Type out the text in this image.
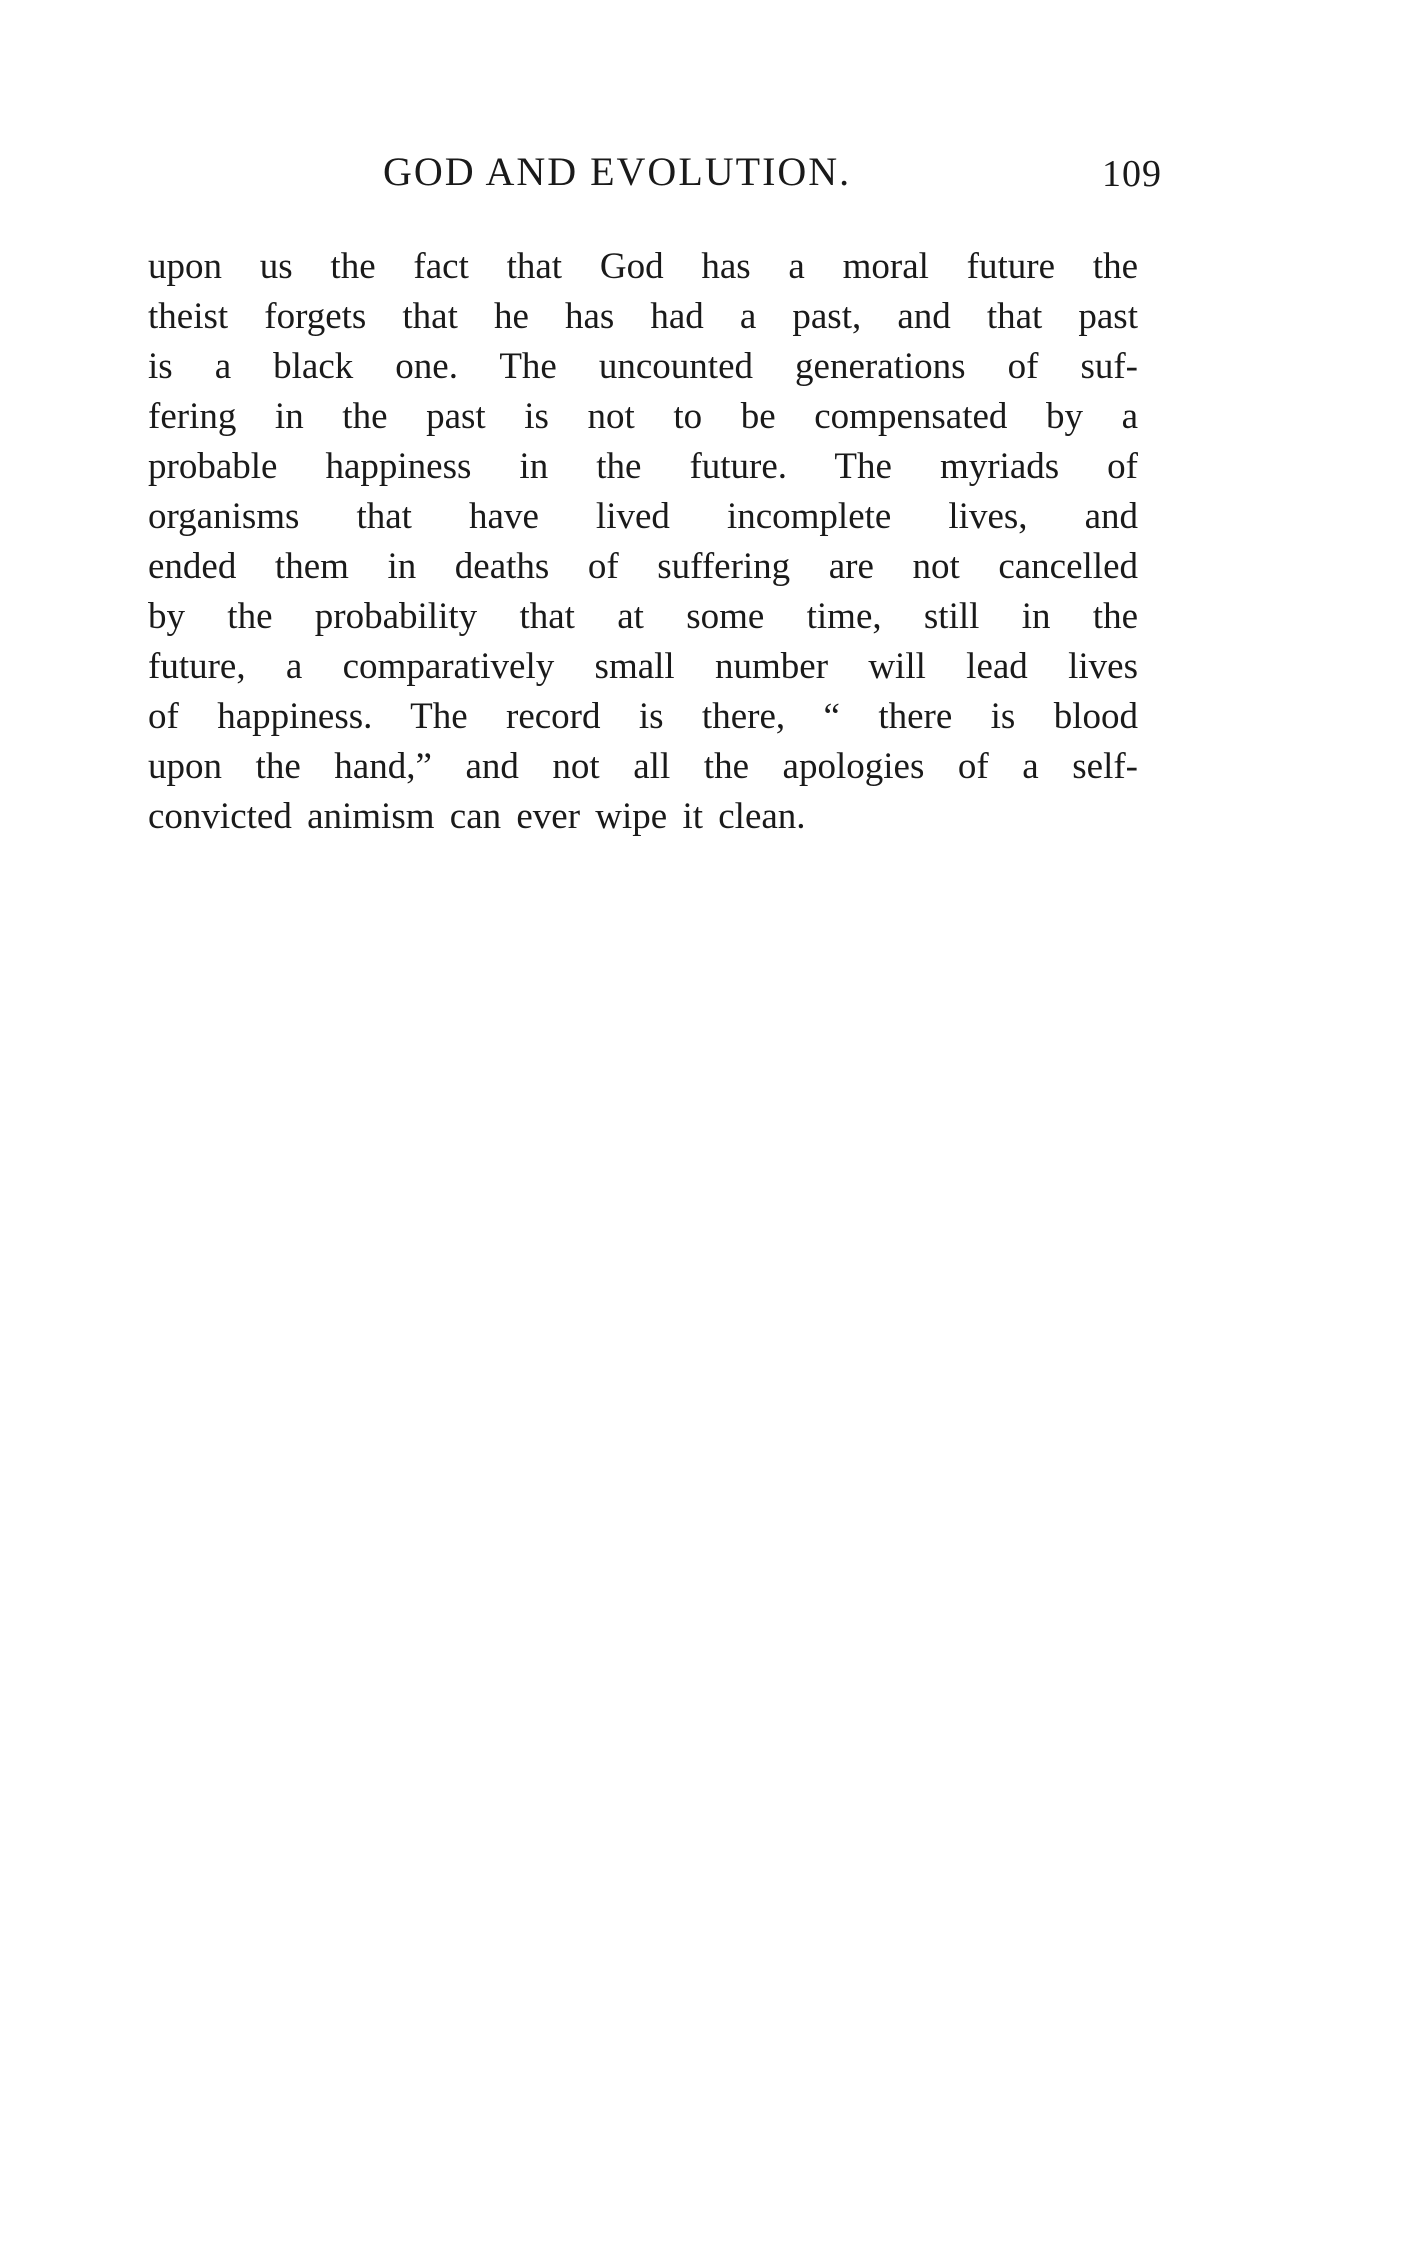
GOD AND EVOLUTION.	109
upon us the fact that God has a moral future the
theist forgets that he has had a past, and that past
is a black one. The uncounted generations of suf-
fering in the past is not to be compensated by a
probable happiness in the future. The myriads of
organisms that have lived incomplete lives, and
ended them in deaths of suffering are not cancelled
by the probability that at some time, still in the
future, a comparatively small number will lead lives
of happiness. The record is there, “ there is blood
upon the hand,” and not all the apologies of a self-
convicted animism can ever wipe it clean.
